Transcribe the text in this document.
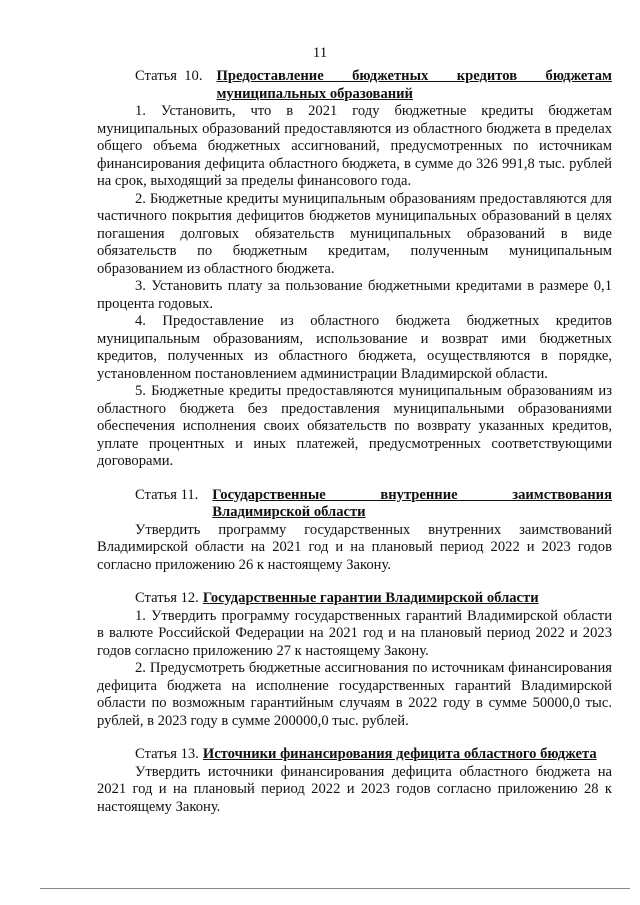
11
Статья  10. Предоставление бюджетных кредитов бюджетам
муниципальных образований

1. Установить, что в 2021 году бюджетные кредиты бюджетам муниципальных образований предоставляются из областного бюджета в пределах общего объема бюджетных ассигнований, предусмотренных по источникам финансирования дефицита областного бюджета, в сумме до 326 991,8 тыс. рублей на срок, выходящий за пределы финансового года.

2. Бюджетные кредиты муниципальным образованиям предоставляются для частичного покрытия дефицитов бюджетов муниципальных образований в целях погашения долговых обязательств муниципальных образований в виде обязательств по бюджетным кредитам, полученным муниципальным образованием из областного бюджета.

3. Установить плату за пользование бюджетными кредитами в размере 0,1 процента годовых.

4. Предоставление из областного бюджета бюджетных кредитов муниципальным образованиям, использование и возврат ими бюджетных кредитов, полученных из областного бюджета, осуществляются в порядке, установленном постановлением администрации Владимирской области.

5. Бюджетные кредиты предоставляются муниципальным образованиям из областного бюджета без предоставления муниципальными образованиями обеспечения исполнения своих обязательств по возврату указанных кредитов, уплате процентных и иных платежей, предусмотренных соответствующими договорами.

Статья 11. Государственные внутренние заимствования
Владимирской области

Утвердить программу государственных внутренних заимствований Владимирской области на 2021 год и на плановый период 2022 и 2023 годов согласно приложению 26 к настоящему Закону.

Статья 12. Государственные гарантии Владимирской области

1. Утвердить программу государственных гарантий Владимирской области в валюте Российской Федерации на 2021 год и на плановый период 2022 и 2023 годов согласно приложению 27 к настоящему Закону.

2. Предусмотреть бюджетные ассигнования по источникам финансирования дефицита бюджета на исполнение государственных гарантий Владимирской области по возможным гарантийным случаям в 2022 году в сумме 50000,0 тыс. рублей, в 2023 году в сумме 200000,0 тыс. рублей.

Статья 13. Источники финансирования дефицита областного бюджета

Утвердить источники финансирования дефицита областного бюджета на 2021 год и на плановый период 2022 и 2023 годов согласно приложению 28 к настоящему Закону.
